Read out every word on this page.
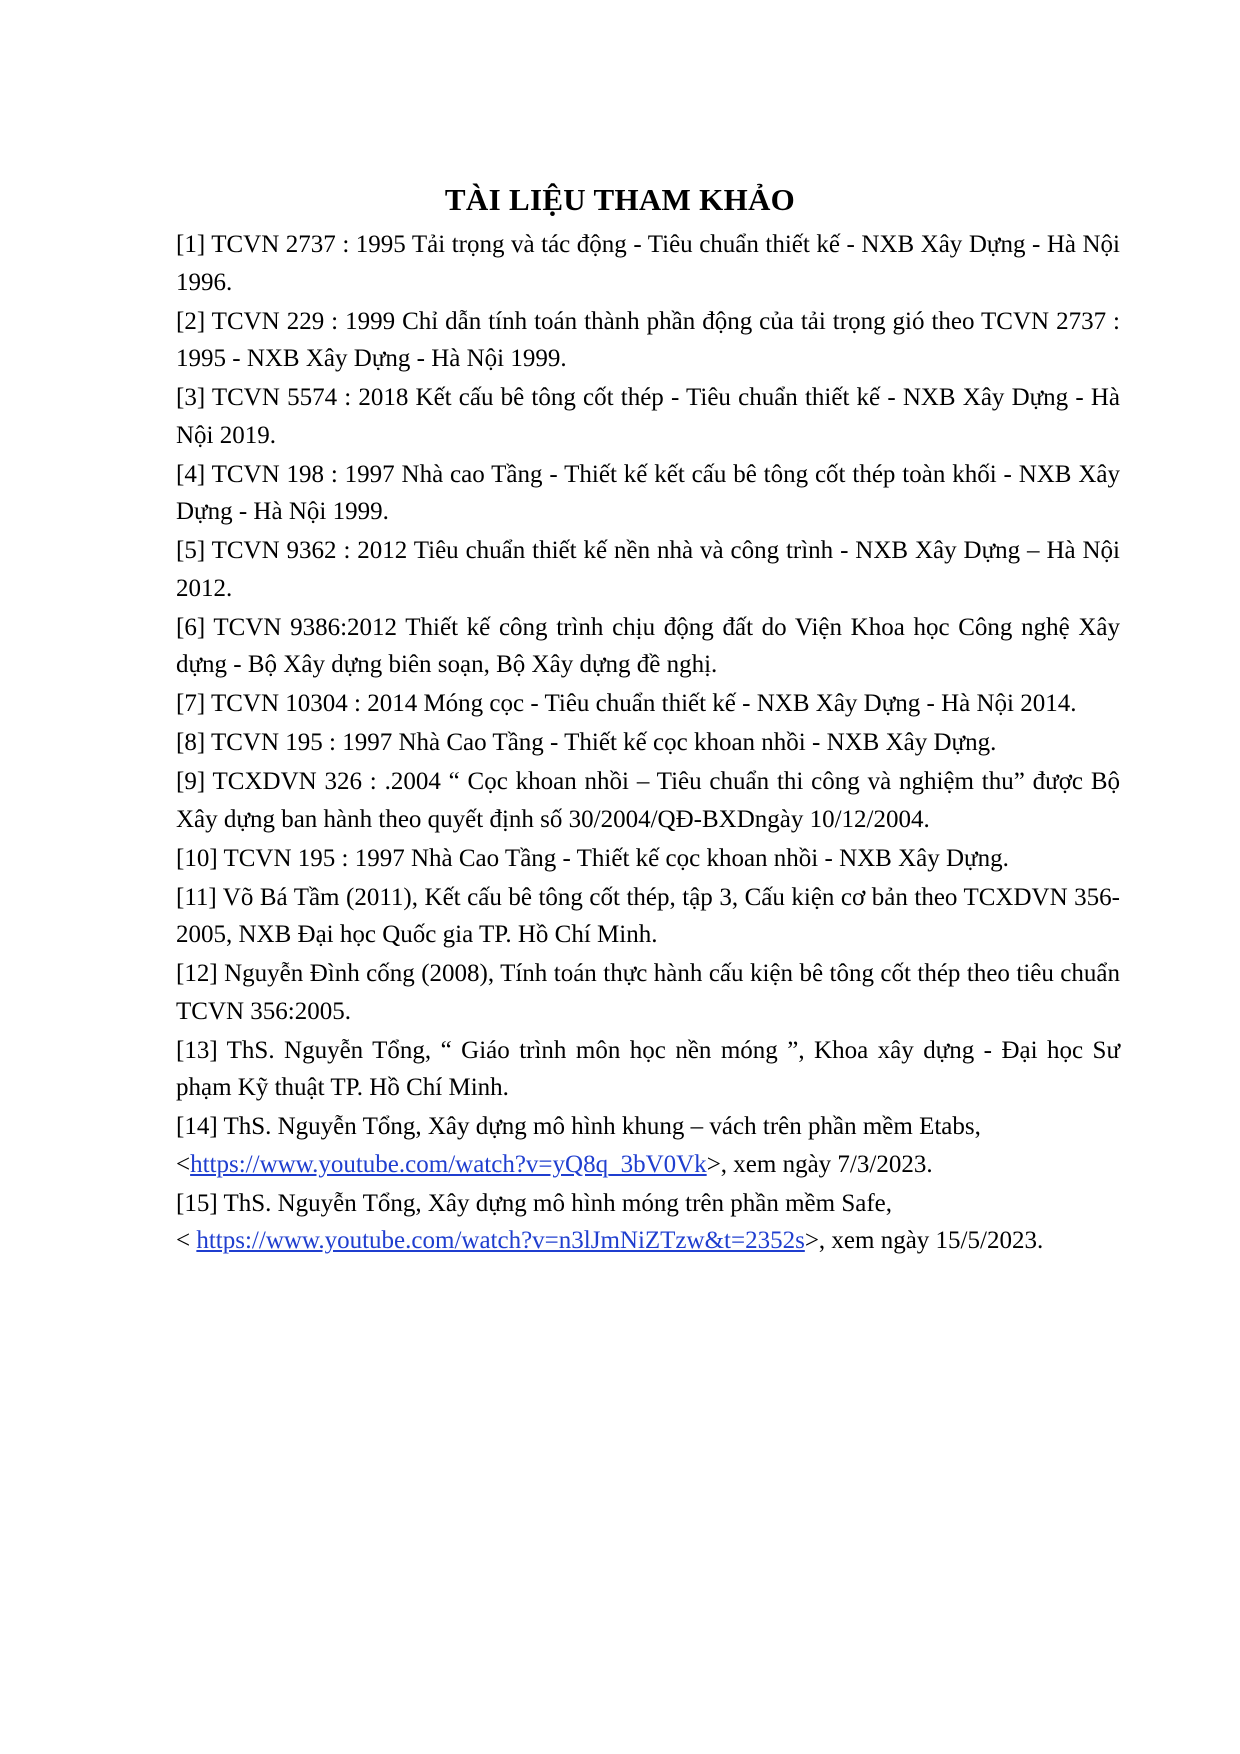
TÀI LIỆU THAM KHẢO

[1] TCVN 2737 : 1995 Tải trọng và tác động - Tiêu chuẩn thiết kế - NXB Xây Dựng - Hà Nội 1996.

[2] TCVN 229 : 1999 Chỉ dẫn tính toán thành phần động của tải trọng gió theo TCVN 2737 : 1995 - NXB Xây Dựng - Hà Nội 1999.

[3] TCVN 5574 : 2018 Kết cấu bê tông cốt thép - Tiêu chuẩn thiết kế - NXB Xây Dựng - Hà Nội 2019.

[4] TCVN 198 : 1997 Nhà cao Tầng - Thiết kế kết cấu bê tông cốt thép toàn khối - NXB Xây Dựng - Hà Nội 1999.

[5] TCVN 9362 : 2012 Tiêu chuẩn thiết kế nền nhà và công trình - NXB Xây Dựng – Hà Nội 2012.

[6] TCVN 9386:2012 Thiết kế công trình chịu động đất do Viện Khoa học Công nghệ Xây dựng - Bộ Xây dựng biên soạn, Bộ Xây dựng đề nghị.

[7] TCVN 10304 : 2014 Móng cọc - Tiêu chuẩn thiết kế - NXB Xây Dựng - Hà Nội 2014.

[8] TCVN 195 : 1997 Nhà Cao Tầng - Thiết kế cọc khoan nhồi - NXB Xây Dựng.

[9] TCXDVN 326 : .2004 “ Cọc khoan nhồi – Tiêu chuẩn thi công và nghiệm thu” được Bộ Xây dựng ban hành theo quyết định số 30/2004/QĐ-BXDngày 10/12/2004.

[10] TCVN 195 : 1997 Nhà Cao Tầng - Thiết kế cọc khoan nhồi - NXB Xây Dựng.

[11] Võ Bá Tầm (2011), Kết cấu bê tông cốt thép, tập 3, Cấu kiện cơ bản theo TCXDVN 356-2005, NXB Đại học Quốc gia TP. Hồ Chí Minh.

[12] Nguyễn Đình cống (2008), Tính toán thực hành cấu kiện bê tông cốt thép theo tiêu chuẩn TCVN 356:2005.

[13] ThS. Nguyễn Tổng, “ Giáo trình môn học nền móng ”, Khoa xây dựng - Đại học Sư phạm Kỹ thuật TP. Hồ Chí Minh.

[14] ThS. Nguyễn Tổng, Xây dựng mô hình khung – vách trên phần mềm Etabs,
<https://www.youtube.com/watch?v=yQ8q_3bV0Vk>, xem ngày 7/3/2023.

[15] ThS. Nguyễn Tổng, Xây dựng mô hình móng trên phần mềm Safe,
< https://www.youtube.com/watch?v=n3lJmNiZTzw&t=2352s>, xem ngày 15/5/2023.
